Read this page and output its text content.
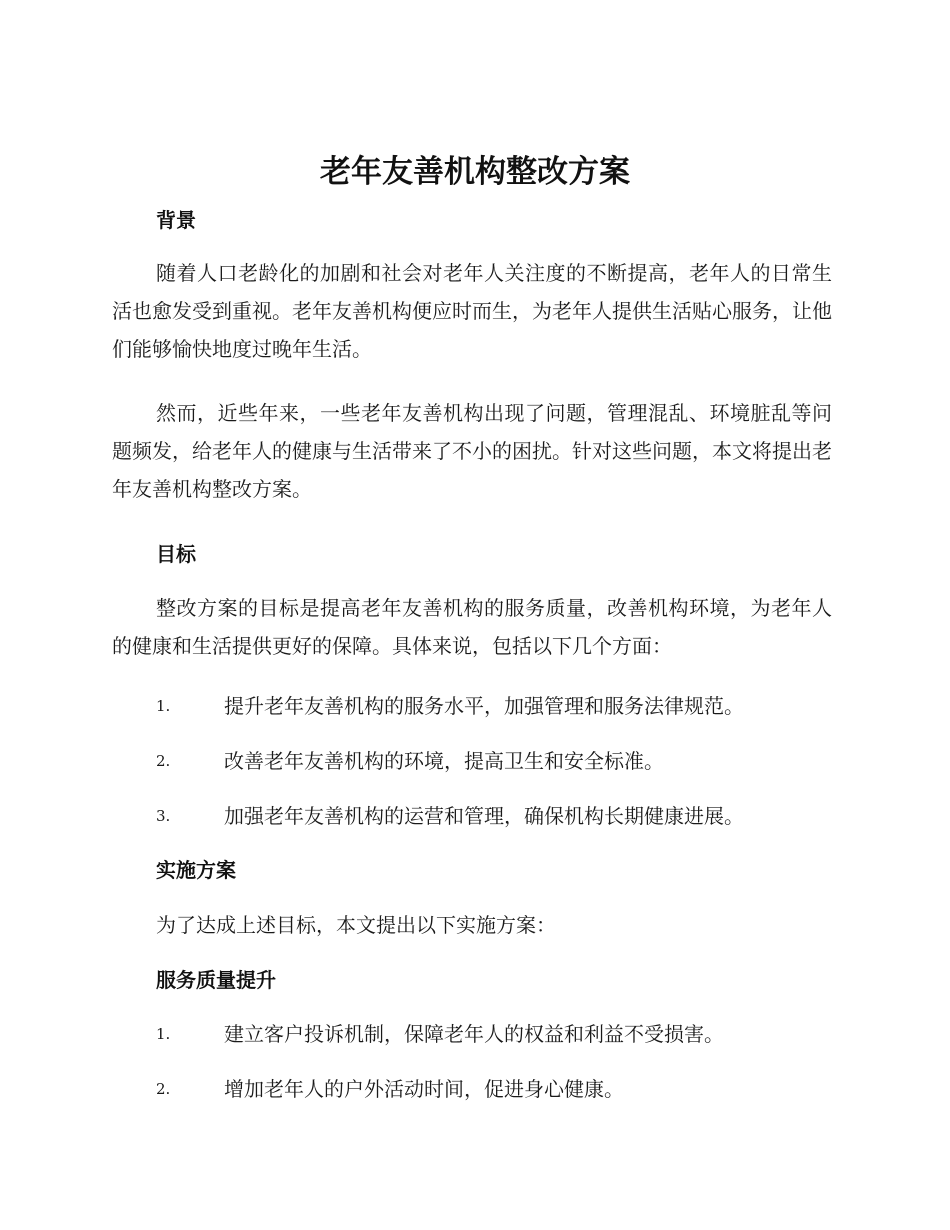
老年友善机构整改方案
背景

随着人口老龄化的加剧和社会对老年人关注度的不断提高，老年人的日常生活也愈发受到重视。老年友善机构便应时而生，为老年人提供生活贴心服务，让他们能够愉快地度过晚年生活。

然而，近些年来，一些老年友善机构出现了问题，管理混乱、环境脏乱等问题频发，给老年人的健康与生活带来了不小的困扰。针对这些问题，本文将提出老年友善机构整改方案。

目标

整改方案的目标是提高老年友善机构的服务质量，改善机构环境，为老年人的健康和生活提供更好的保障。具体来说，包括以下几个方面：

1.	提升老年友善机构的服务水平，加强管理和服务法律规范。
2.	改善老年友善机构的环境，提高卫生和安全标准。
3.	加强老年友善机构的运营和管理，确保机构长期健康进展。
实施方案

为了达成上述目标，本文提出以下实施方案：

服务质量提升
1.	建立客户投诉机制，保障老年人的权益和利益不受损害。
2.	增加老年人的户外活动时间，促进身心健康。
